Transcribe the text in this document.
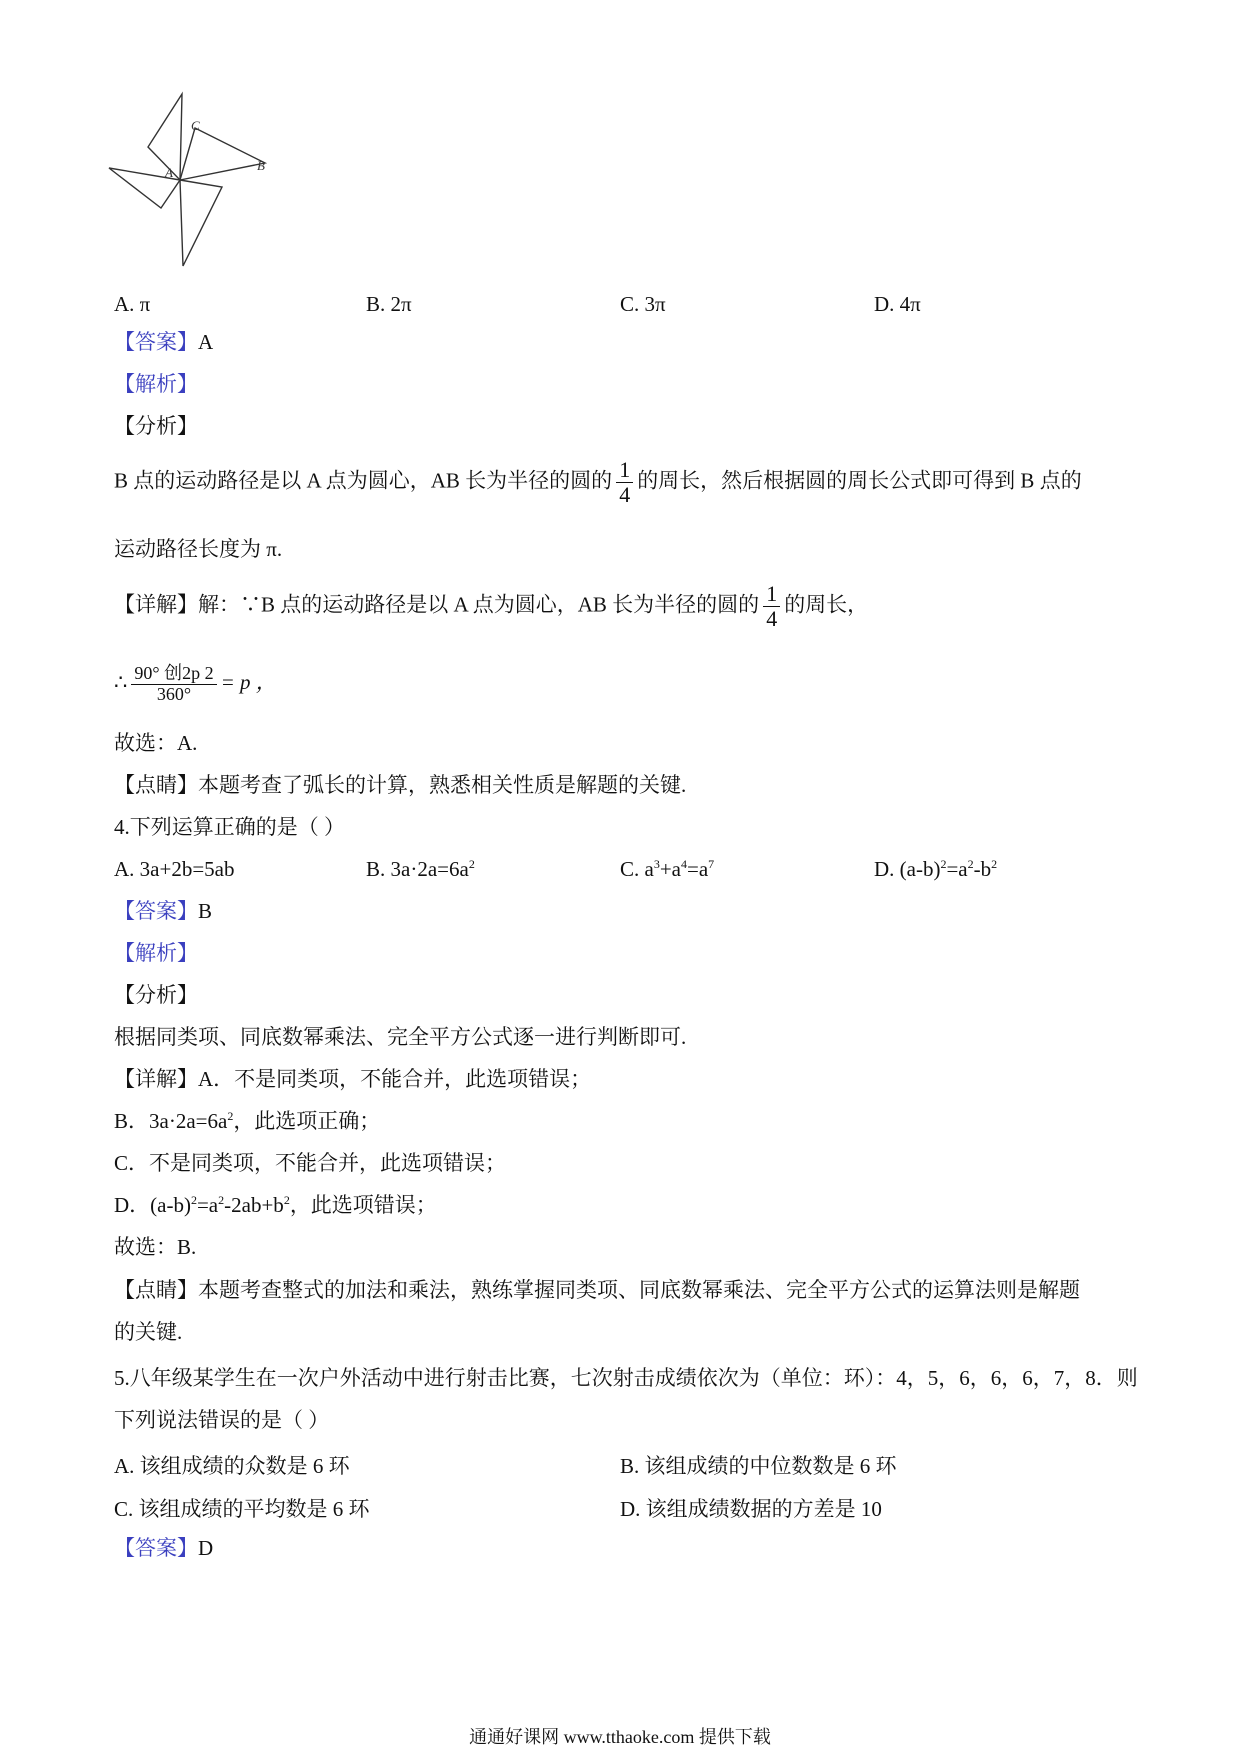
C
B
A
A. π	B. 2π	C. 3π	D. 4π
【答案】A
【解析】
【分析】
B 点的运动路径是以 A 点为圆心，AB 长为半径的圆的 $\frac{1}{4}$ 的周长，然后根据圆的周长公式即可得到 B 点的
运动路径长度为 π.
【详解】解：∵B 点的运动路径是以 A 点为圆心，AB 长为半径的圆的 $\frac{1}{4}$ 的周长，
∴ $\frac{\text{90° 创2p 2}}{360^\circ} = p$ ，
故选：A.
【点睛】本题考查了弧长的计算，熟悉相关性质是解题的关键.
4.下列运算正确的是（ ）
A. 3a+2b=5ab	B. $3a\cdot 2a=6a^2$	C. $a^3+a^4=a^7$	D. $(a-b)^2=a^2-b^2$
【答案】B
【解析】
【分析】
根据同类项、同底数幂乘法、完全平方公式逐一进行判断即可.
【详解】A．不是同类项，不能合并，此选项错误；
B．$3a\cdot 2a=6a^2$，此选项正确；
C．不是同类项，不能合并，此选项错误；
D．$(a-b)^2=a^2-2ab+b^2$，此选项错误；
故选：B.
【点睛】本题考查整式的加法和乘法，熟练掌握同类项、同底数幂乘法、完全平方公式的运算法则是解题
的关键.
5.八年级某学生在一次户外活动中进行射击比赛，七次射击成绩依次为（单位：环）：4，5，6，6，6，7，8．则
下列说法错误的是（ ）
A. 该组成绩的众数是 6 环	B. 该组成绩的中位数数是 6 环
C. 该组成绩的平均数是 6 环	D. 该组成绩数据的方差是 10
【答案】D
通通好课网 www.tthaoke.com 提供下载
